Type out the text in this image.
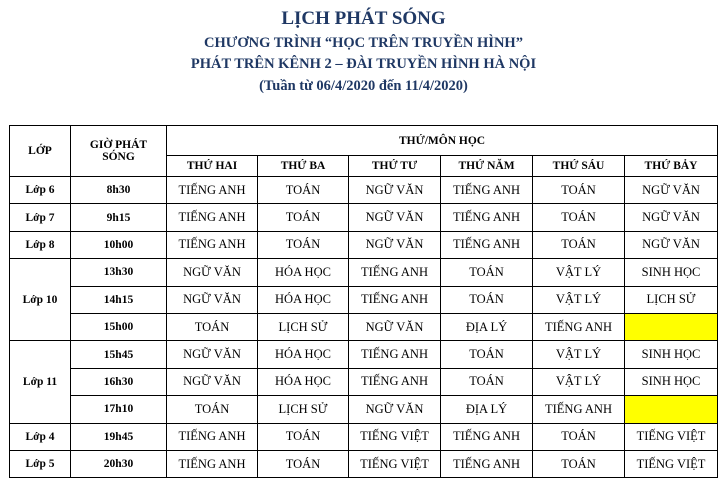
LỊCH PHÁT SÓNG
CHƯƠNG TRÌNH “HỌC TRÊN TRUYỀN HÌNH”
PHÁT TRÊN KÊNH 2 – ĐÀI TRUYỀN HÌNH HÀ NỘI
(Tuần từ 06/4/2020 đến 11/4/2020)
LỚP	GIỜ PHÁT SÓNG	THỨ/MÔN HỌC					
		THỨ HAI	THỨ BA	THỨ TƯ	THỨ NĂM	THỨ SÁU	THỨ BẢY
Lớp 6	8h30	TIẾNG ANH	TOÁN	NGỮ VĂN	TIẾNG ANH	TOÁN	NGỮ VĂN
Lớp 7	9h15	TIẾNG ANH	TOÁN	NGỮ VĂN	TIẾNG ANH	TOÁN	NGỮ VĂN
Lớp 8	10h00	TIẾNG ANH	TOÁN	NGỮ VĂN	TIẾNG ANH	TOÁN	NGỮ VĂN
Lớp 10	13h30	NGỮ VĂN	HÓA HỌC	TIẾNG ANH	TOÁN	VẬT LÝ	SINH HỌC
	14h15	NGỮ VĂN	HÓA HỌC	TIẾNG ANH	TOÁN	VẬT LÝ	LỊCH SỬ
	15h00	TOÁN	LỊCH SỬ	NGỮ VĂN	ĐỊA LÝ	TIẾNG ANH	
Lớp 11	15h45	NGỮ VĂN	HÓA HỌC	TIẾNG ANH	TOÁN	VẬT LÝ	SINH HỌC
	16h30	NGỮ VĂN	HÓA HỌC	TIẾNG ANH	TOÁN	VẬT LÝ	SINH HỌC
	17h10	TOÁN	LỊCH SỬ	NGỮ VĂN	ĐỊA LÝ	TIẾNG ANH	
Lớp 4	19h45	TIẾNG ANH	TOÁN	TIẾNG VIỆT	TIẾNG ANH	TOÁN	TIẾNG VIỆT
Lớp 5	20h30	TIẾNG ANH	TOÁN	TIẾNG VIỆT	TIẾNG ANH	TOÁN	TIẾNG VIỆT
